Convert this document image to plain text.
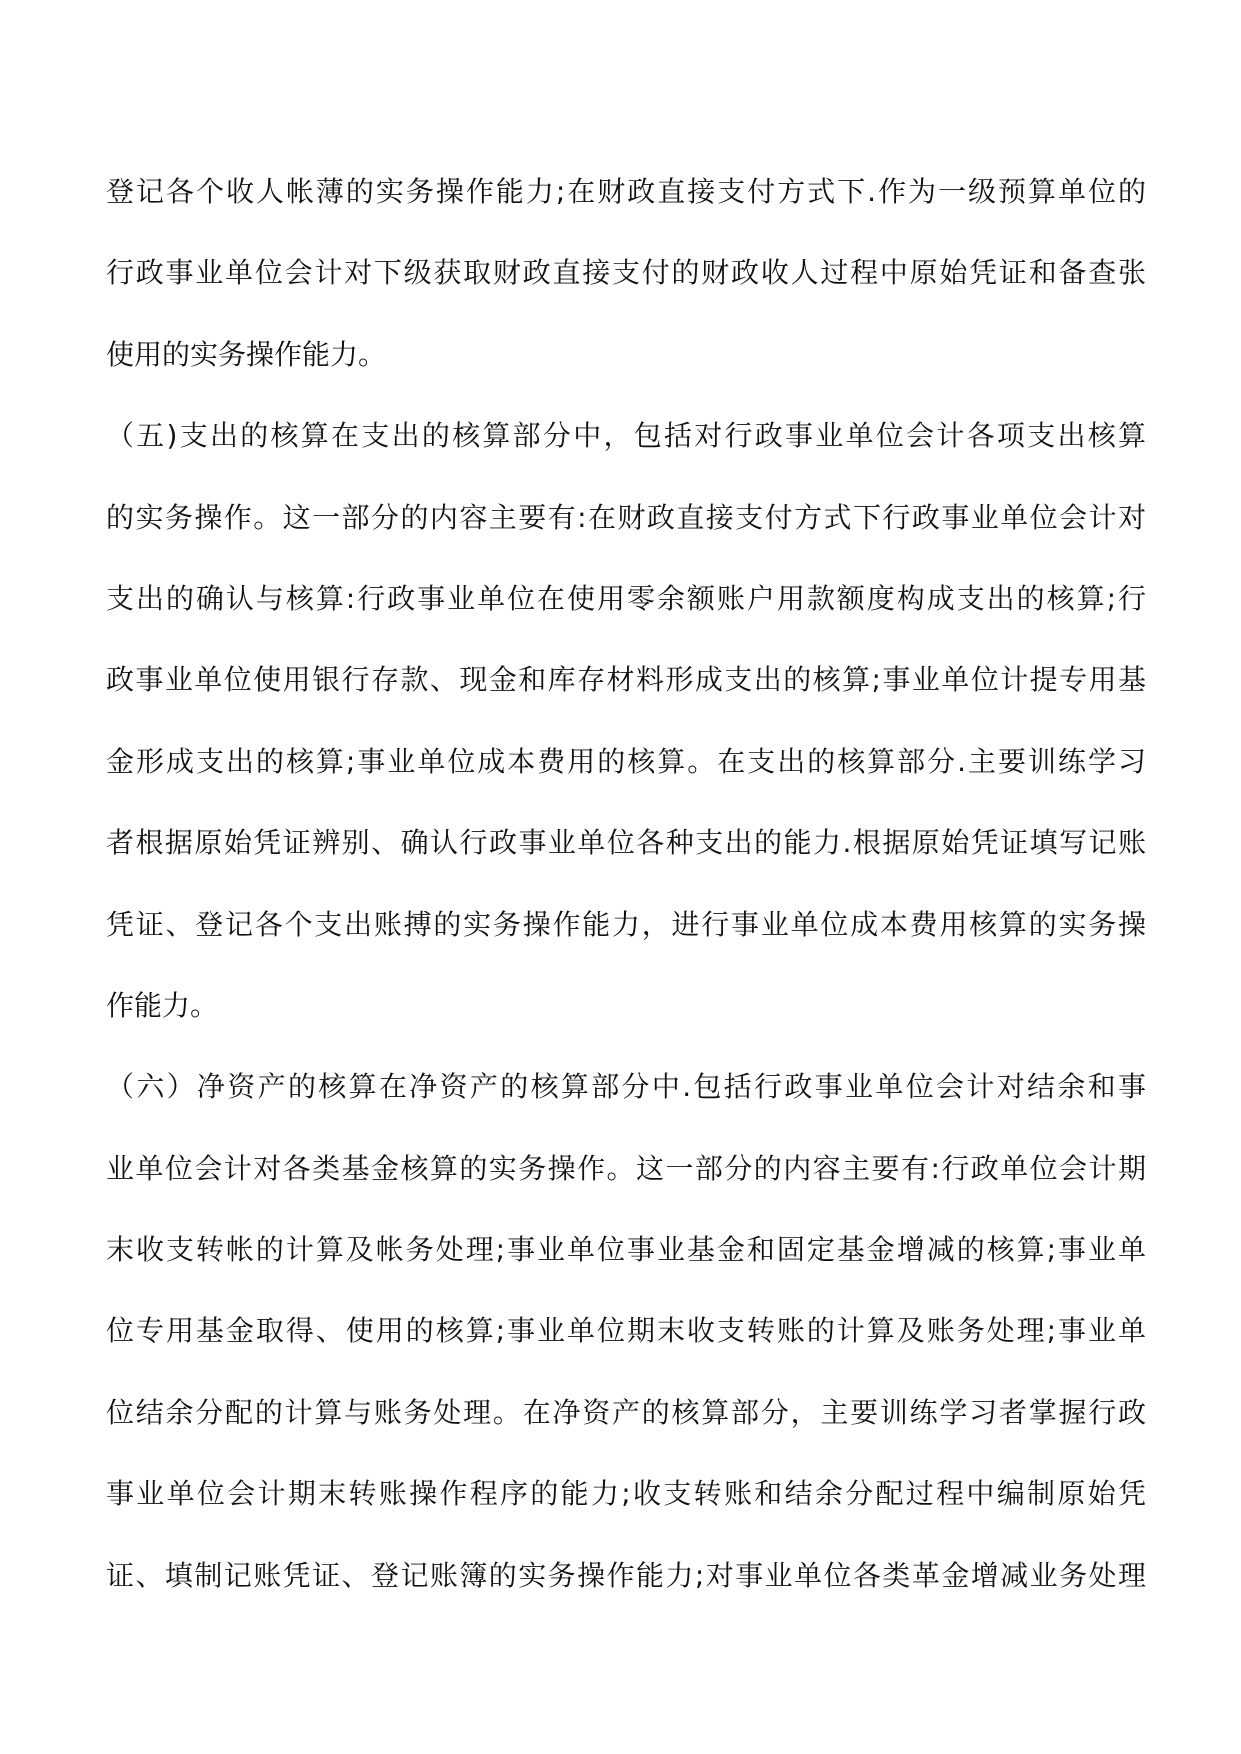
登记各个收人帐薄的实务操作能力;在财政直接支付方式下.作为一级预算单位的
行政事业单位会计对下级获取财政直接支付的财政收人过程中原始凭证和备查张
使用的实务操作能力。
（五)支出的核算在支出的核算部分中，包括对行政事业单位会计各项支出核算
的实务操作。这一部分的内容主要有:在财政直接支付方式下行政事业单位会计对
支出的确认与核算:行政事业单位在使用零余额账户用款额度构成支出的核算;行
政事业单位使用银行存款、现金和库存材料形成支出的核算;事业单位计提专用基
金形成支出的核算;事业单位成本费用的核算。在支出的核算部分.主要训练学习
者根据原始凭证辨别、确认行政事业单位各种支出的能力.根据原始凭证填写记账
凭证、登记各个支出账搏的实务操作能力，进行事业单位成本费用核算的实务操
作能力。
（六）净资产的核算在净资产的核算部分中.包括行政事业单位会计对结余和事
业单位会计对各类基金核算的实务操作。这一部分的内容主要有:行政单位会计期
末收支转帐的计算及帐务处理;事业单位事业基金和固定基金增减的核算;事业单
位专用基金取得、使用的核算;事业单位期末收支转账的计算及账务处理;事业单
位结余分配的计算与账务处理。在净资产的核算部分，主要训练学习者掌握行政
事业单位会计期末转账操作程序的能力;收支转账和结余分配过程中编制原始凭
证、填制记账凭证、登记账簿的实务操作能力;对事业单位各类革金增减业务处理
